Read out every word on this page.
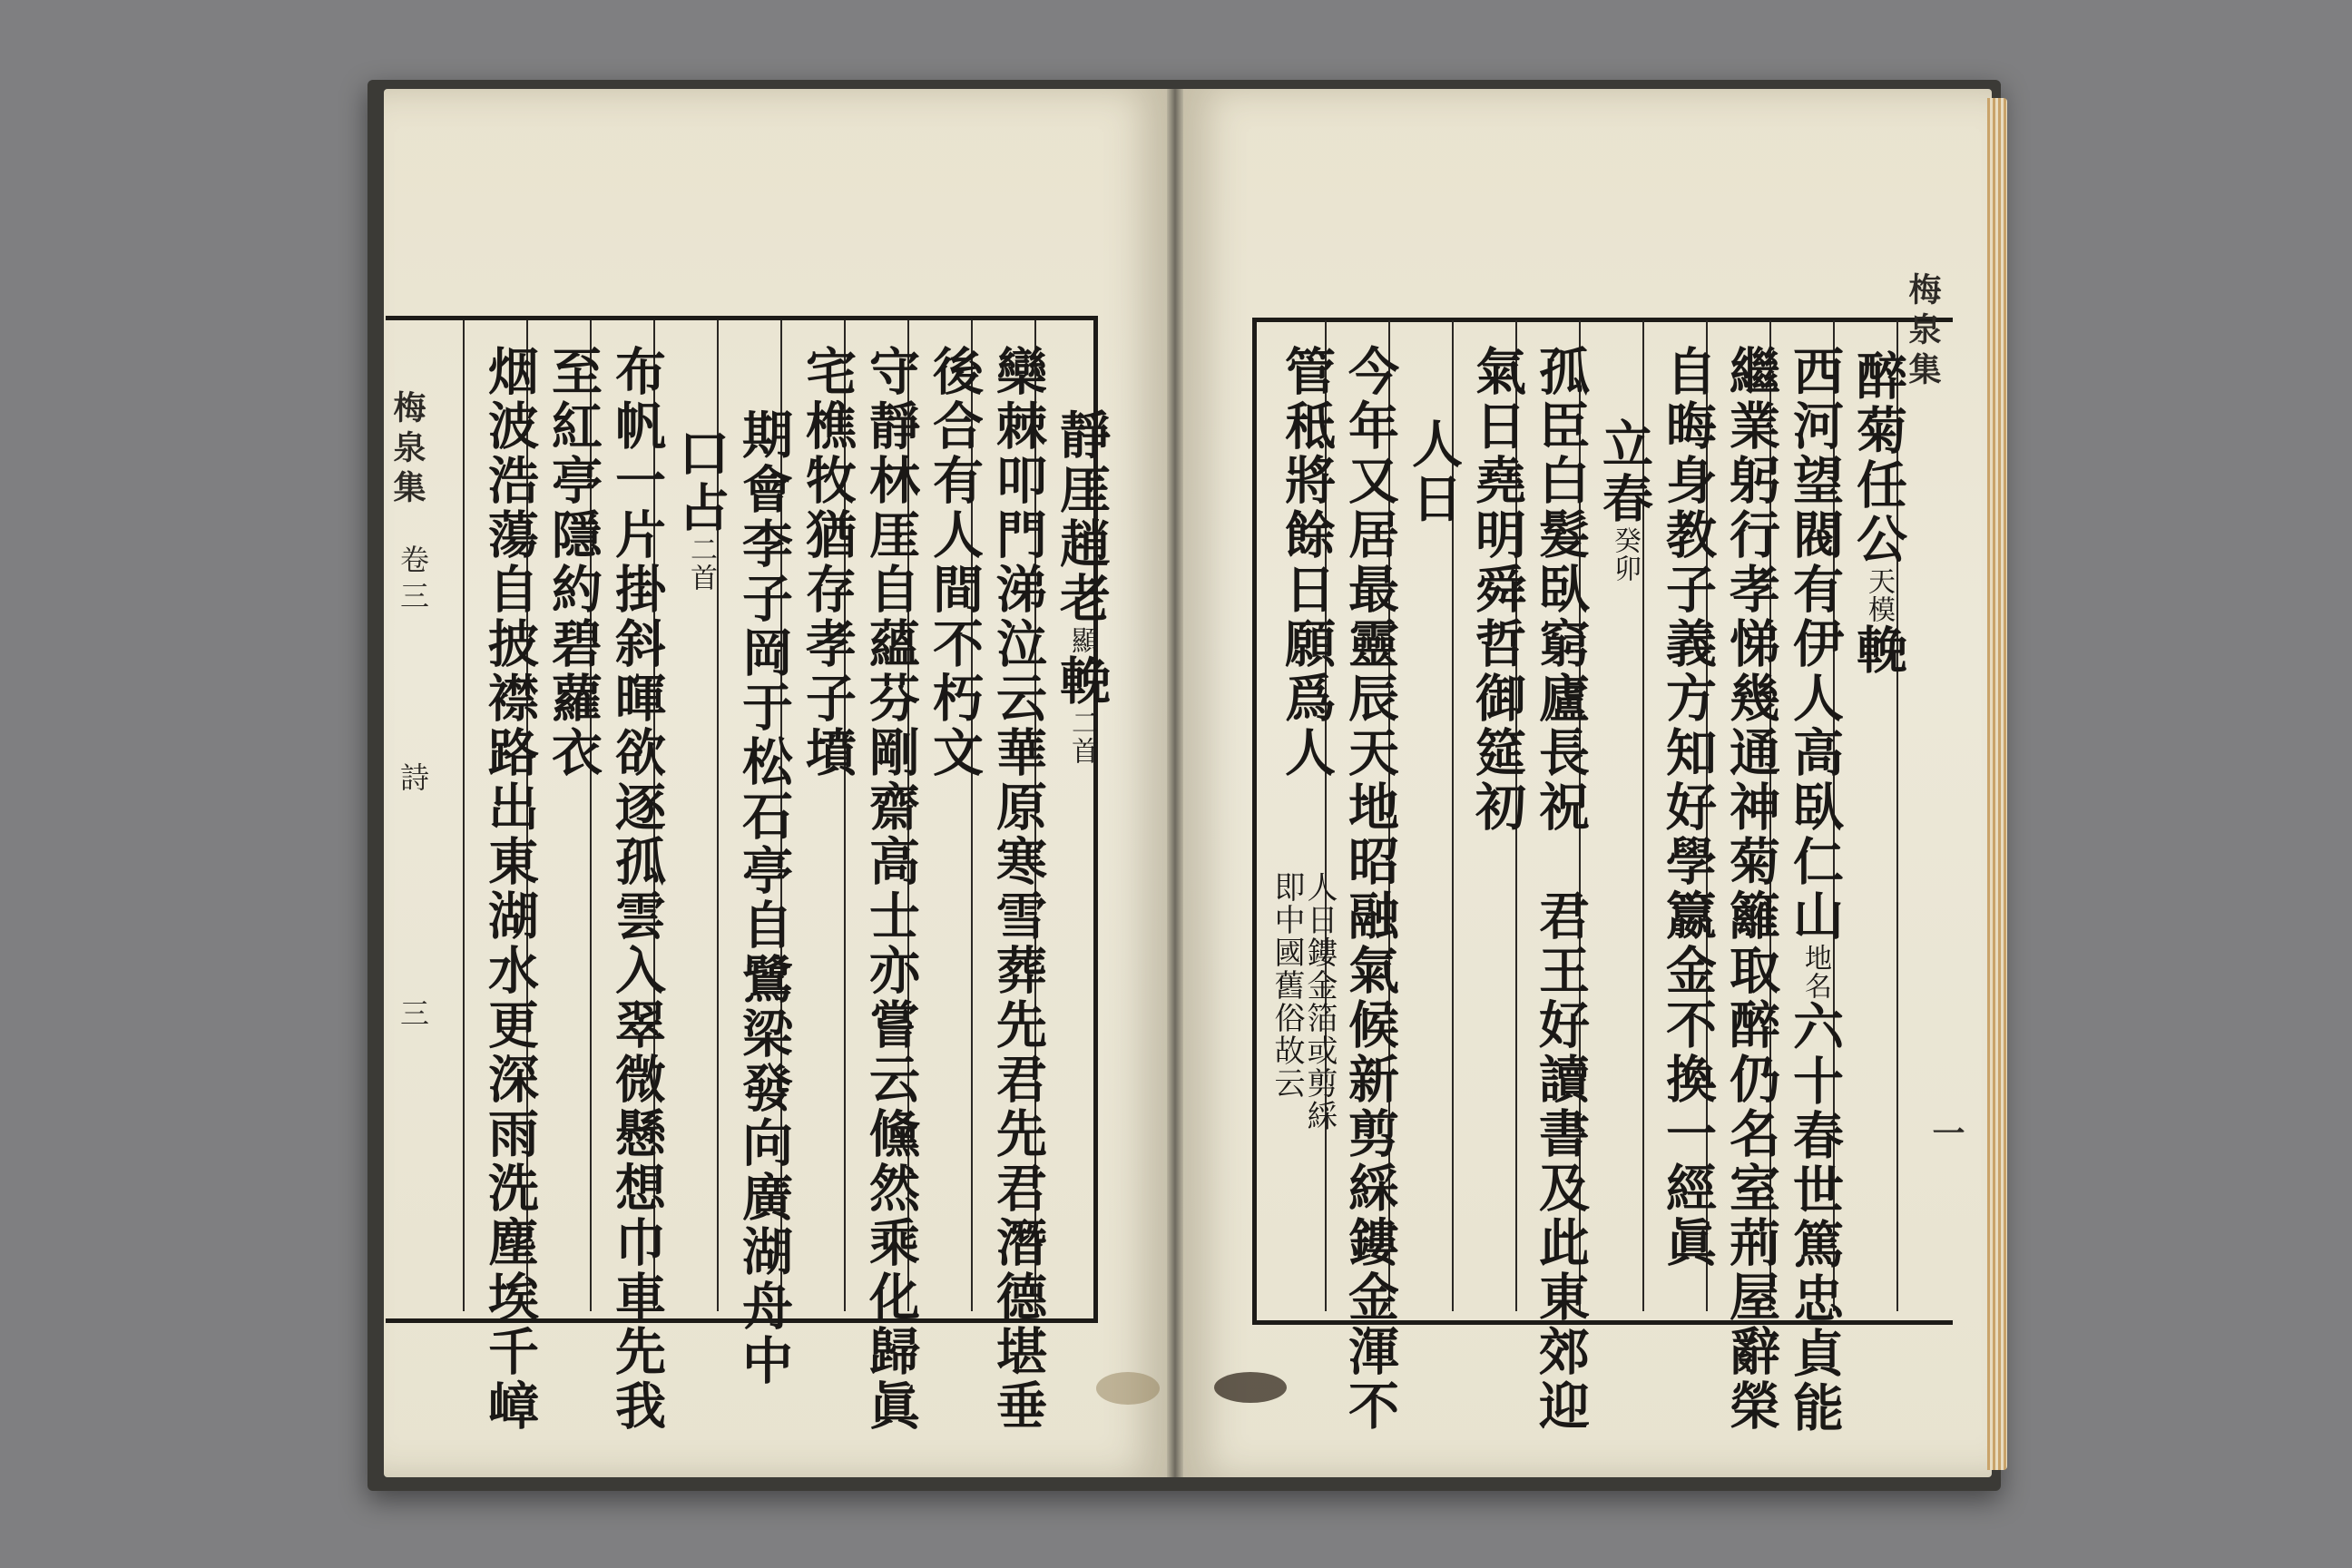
梅泉集
一
醉菊任公天模輓
西河望閥有伊人高臥仁山地名六十春世篤忠貞能
繼業躬行孝悌幾通神菊籬取醉仍名室荊屋辭榮
自晦身教子義方知好學籝金不換一經眞
立春癸卯
孤臣白髮臥窮廬長祝　君王好讀書及此東郊迎
氣日堯明舜哲御筵初
人日
今年又居最靈辰天地昭融氣候新剪綵鏤金渾不
管秪將餘日願爲人
即中國舊俗故云
人日鏤金箔或剪綵
梅泉集
卷三
詩
三
靜厓趙老顯輓二首
欒棘叩門涕泣云華原寒雪葬先君先君潛德堪垂
後合有人間不朽文
守靜林厓自蘊芬剛齋高士亦嘗云儵然乘化歸眞
宅樵牧猶存孝子墳
期會李子岡于松石亭自鷺梁發向廣湖舟中
口占二首
布帆一片掛斜暉欲逐孤雲入翠微懸想巾車先我
至紅亭隱約碧蘿衣
烟波浩蕩自披襟路出東湖水更深雨洗塵埃千嶂
